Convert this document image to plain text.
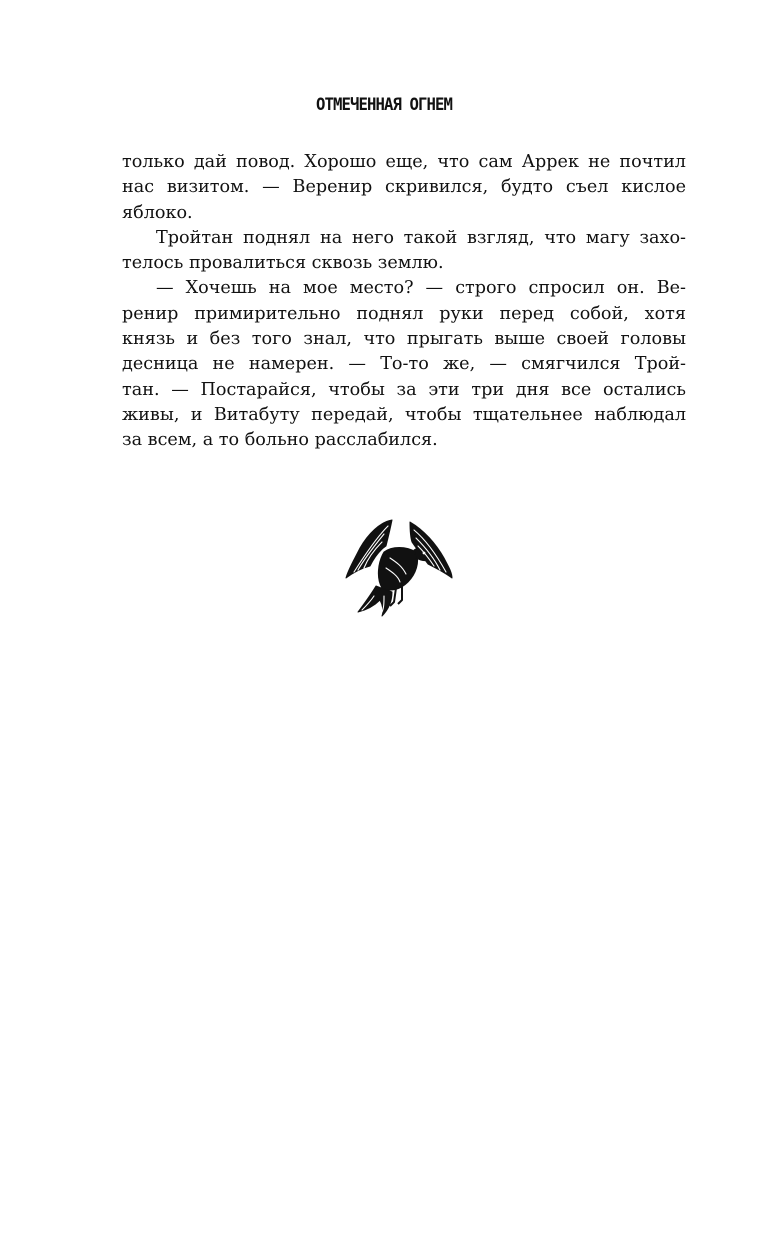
ОТМЕЧЕННАЯ ОГНЕМ
только дай повод. Хорошо еще, что сам Аррек не почтил
нас визитом. — Веренир скривился, будто съел кислое
яблоко.
Тройтан поднял на него такой взгляд, что магу захо-
телось провалиться сквозь землю.
— Хочешь на мое место? — строго спросил он. Ве-
ренир примирительно поднял руки перед собой, хотя
князь и без того знал, что прыгать выше своей головы
десница не намерен. — То-то же, — смягчился Трой-
тан. — Постарайся, чтобы за эти три дня все остались
живы, и Витабуту передай, чтобы тщательнее наблюдал
за всем, а то больно расслабился.
